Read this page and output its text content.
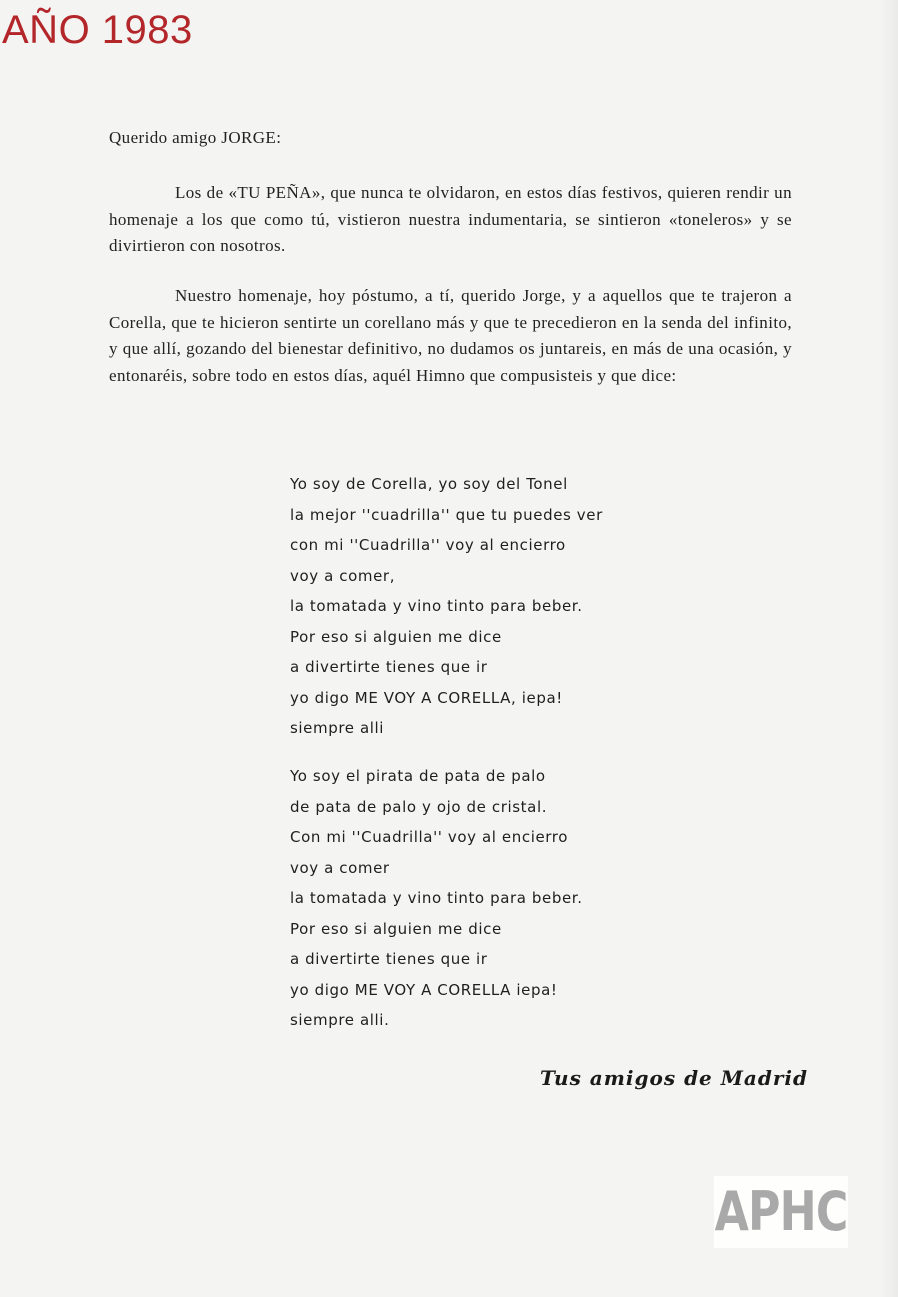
AÑO 1983
Querido amigo JORGE:

Los de «TU PEÑA», que nunca te olvidaron, en estos días festivos, quieren rendir un homenaje a los que como tú, vistieron nuestra indumentaria, se sintieron «toneleros» y se divirtieron con nosotros.

Nuestro homenaje, hoy póstumo, a tí, querido Jorge, y a aquellos que te trajeron a Corella, que te hicieron sentirte un corellano más y que te precedieron en la senda del infinito, y que allí, gozando del bienestar definitivo, no dudamos os juntareis, en más de una ocasión, y entonaréis, sobre todo en estos días, aquél Himno que compusisteis y que dice:

Yo soy de Corella, yo soy del Tonel
la mejor ''cuadrilla'' que tu puedes ver
con mi ''Cuadrilla'' voy al encierro
voy a comer,
la tomatada y vino tinto para beber.
Por eso si alguien me dice
a divertirte tienes que ir
yo digo ME VOY A CORELLA, iepa!
siempre alli
Yo soy el pirata de pata de palo
de pata de palo y ojo de cristal.
Con mi ''Cuadrilla'' voy al encierro
voy a comer
la tomatada y vino tinto para beber.
Por eso si alguien me dice
a divertirte tienes que ir
yo digo ME VOY A CORELLA iepa!
siempre alli.
Tus amigos de Madrid
APHC
